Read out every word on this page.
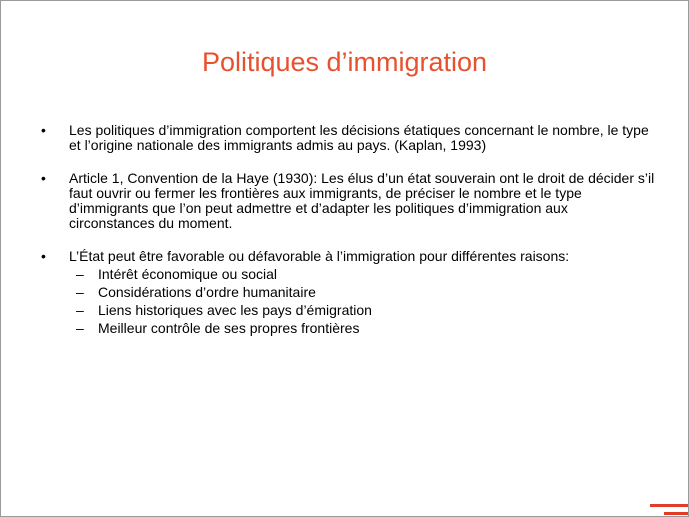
Politiques d’immigration
• Les politiques d’immigration comportent les décisions étatiques concernant le nombre, le type et l’origine nationale des immigrants admis au pays. (Kaplan, 1993)
• Article 1, Convention de la Haye (1930): Les élus d’un état souverain ont le droit de décider s’il faut ouvrir ou fermer les frontières aux immigrants, de préciser le nombre et le type d’immigrants que l’on peut admettre et d’adapter les politiques d’immigration aux circonstances du moment.
• L’État peut être favorable ou défavorable à l’immigration pour différentes raisons:
– Intérêt économique ou social
– Considérations d’ordre humanitaire
– Liens historiques avec les pays d’émigration
– Meilleur contrôle de ses propres frontières
